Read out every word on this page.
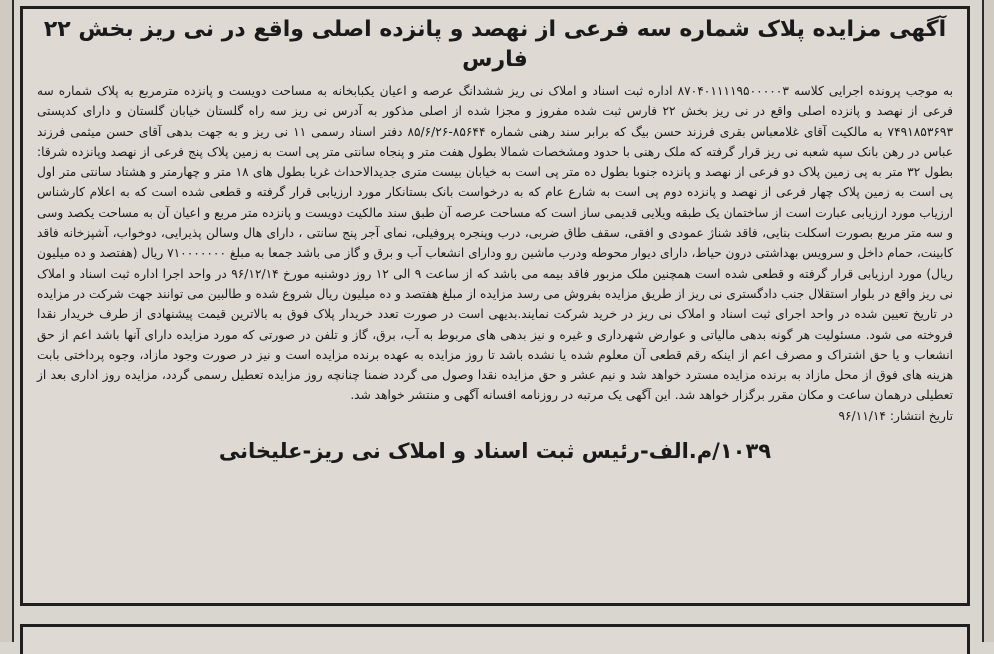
آگهی مزایده پلاک شماره سه فرعی از نهصد و پانزده اصلی واقع در نی ریز بخش ۲۲ فارس

به موجب پرونده اجرایی کلاسه ۸۷۰۴۰۱۱۱۱۹۵۰۰۰۰۰۳ اداره ثبت اسناد و املاک نی ریز ششدانگ عرصه و اعیان یکبابخانه به مساحت دویست و پانزده مترمربع به پلاک شماره سه فرعی از نهصد و پانزده اصلی واقع در نی ریز بخش ۲۲ فارس ثبت شده مفروز و مجزا شده از اصلی مذکور به آدرس نی ریز سه راه گلستان خیابان گلستان و دارای کدپستی ۷۴۹۱۸۵۳۶۹۳ به مالکیت آقای غلامعباس بقری فرزند حسن بیگ که برابر سند رهنی شماره ۸۵۶۴۴-۸۵/۶/۲۶ دفتر اسناد رسمی ۱۱ نی ریز و به جهت بدهی آقای حسن میثمی فرزند عباس در رهن بانک سپه شعبه نی ریز قرار گرفته که ملک رهنی با حدود ومشخصات شمالا بطول هفت متر و پنجاه سانتی متر پی است به زمین پلاک پنج فرعی از نهصد وپانزده شرقا: بطول ۳۲ متر به پی زمین پلاک دو فرعی از نهصد و پانزده جنوبا بطول ده متر پی است به خیابان بیست متری جدیدالاحداث غربا بطول های ۱۸ متر و چهارمتر و هشتاد سانتی متر اول پی است به زمین پلاک چهار فرعی از نهصد و پانزده دوم پی است به شارع عام که به درخواست بانک بستانکار مورد ارزیابی قرار گرفته و قطعی شده است که به اعلام کارشناس ارزیاب مورد ارزیابی عبارت است از ساختمان یک طبقه ویلایی قدیمی ساز است که مساحت عرصه آن طبق سند مالکیت دویست و پانزده متر مربع و اعیان آن به مساحت یکصد وسی و سه متر مربع بصورت اسکلت بنایی، فاقد شناژ عمودی و افقی، سقف طاق ضربی، درب وپنجره پروفیلی، نمای آجر پنج سانتی ، دارای هال وسالن پذیرایی، دوخواب، آشپزخانه فاقد کابینت، حمام داخل و سرویس بهداشتی درون حیاط، دارای دیوار محوطه ودرب ماشین رو ودارای انشعاب آب و برق و گاز می باشد جمعا به مبلغ ۷۱۰۰۰۰۰۰۰ ریال (هفتصد و ده میلیون ریال) مورد ارزیابی قرار گرفته و قطعی شده است همچنین ملک مزبور فاقد بیمه می باشد که از ساعت ۹ الی ۱۲ روز دوشنبه مورخ ۹۶/۱۲/۱۴ در واحد اجرا اداره ثبت اسناد و املاک نی ریز واقع در بلوار استقلال جنب دادگستری نی ریز از طریق مزایده بفروش می رسد مزایده از مبلغ هفتصد و ده میلیون ریال شروع شده و طالبین می توانند جهت شرکت در مزایده در تاریخ تعیین شده در واحد اجرای ثبت اسناد و املاک نی ریز در خرید شرکت نمایند.بدیهی است در صورت تعدد خریدار پلاک فوق به بالاترین قیمت پیشنهادی از طرف خریدار نقدا فروخته می شود. مسئولیت هر گونه بدهی مالیاتی و عوارض شهرداری و غیره و نیز بدهی های مربوط به آب، برق، گاز و تلفن در صورتی که مورد مزایده دارای آنها باشد اعم از حق انشعاب و یا حق اشتراک و مصرف اعم از اینکه رقم قطعی آن معلوم شده یا نشده باشد تا روز مزایده به عهده برنده مزایده است و نیز در صورت وجود مازاد، وجوه پرداختی بابت هزینه های فوق از محل مازاد به برنده مزایده مسترد خواهد شد و نیم عشر و حق مزایده نقدا وصول می گردد ضمنا چنانچه روز مزایده تعطیل رسمی گردد، مزایده روز اداری بعد از تعطیلی درهمان ساعت و مکان مقرر برگزار خواهد شد. این آگهی یک مرتبه در روزنامه افسانه آگهی و منتشر خواهد شد.

تاریخ انتشار: ۹۶/۱۱/۱۴

۱۰۳۹/م.الف-رئیس ثبت اسناد و املاک نی ریز-علیخانی
